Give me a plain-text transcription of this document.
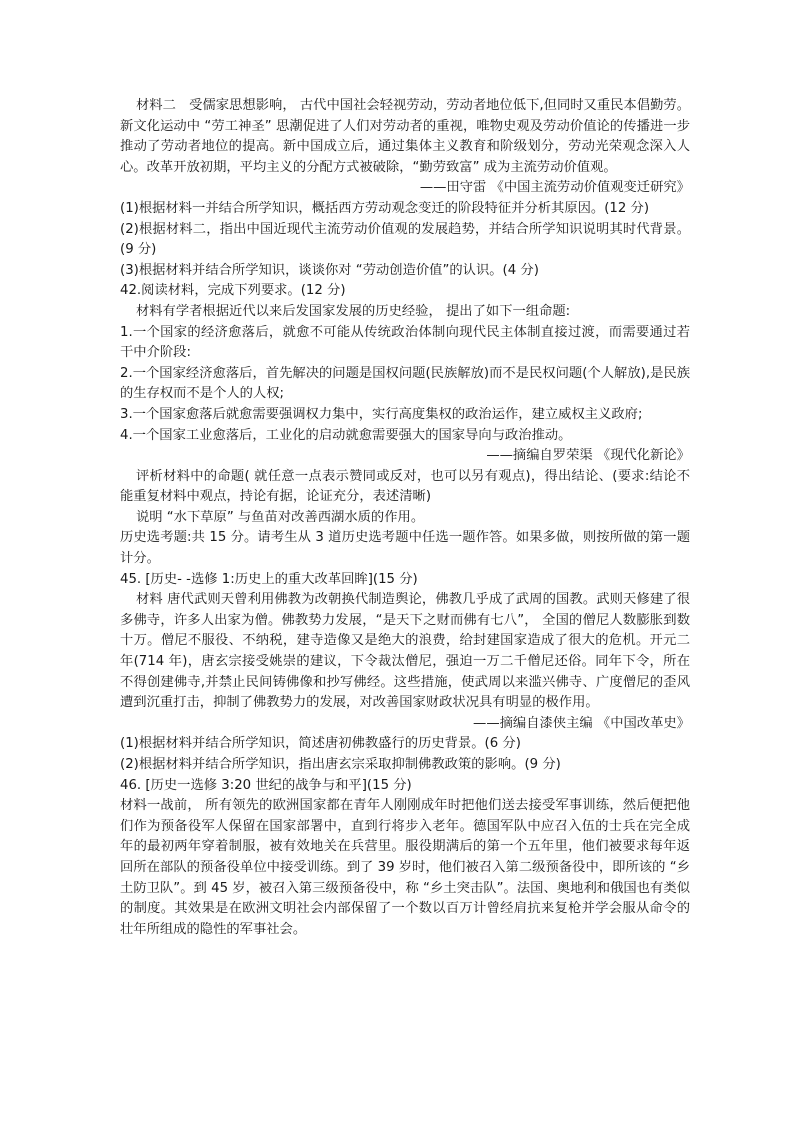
材料二　受儒家思想影响， 古代中国社会轻视劳动，劳动者地位低下,但同时又重民本倡勤劳。新文化运动中 “劳工神圣” 思潮促进了人们对劳动者的重视，唯物史观及劳动价值论的传播进一步推动了劳动者地位的提高。新中国成立后，通过集体主义教育和阶级划分，劳动光荣观念深入人心。改革开放初期，平均主义的分配方式被破除，“勤劳致富” 成为主流劳动价值观。

——田守雷 《中国主流劳动价值观变迁研究》

(1)根据材料一并结合所学知识，概括西方劳动观念变迁的阶段特征并分析其原因。(12 分)

(2)根据材料二，指出中国近现代主流劳动价值观的发展趋势，并结合所学知识说明其时代背景。(9 分)

(3)根据材料并结合所学知识，谈谈你对 “劳动创造价值”的认识。(4 分)

42.阅读材料，完成下列要求。(12 分)

材料有学者根据近代以来后发国家发展的历史经验， 提出了如下一组命题:

1.一个国家的经济愈落后，就愈不可能从传统政治体制向现代民主体制直接过渡，而需要通过若干中介阶段:

2.一个国家经济愈落后，首先解决的问题是国权问题(民族解放)而不是民权问题(个人解放),是民族的生存权而不是个人的人权;

3.一个国家愈落后就愈需要强调权力集中，实行高度集权的政治运作，建立威权主义政府;

4.一个国家工业愈落后，工业化的启动就愈需要强大的国家导向与政治推动。

——摘编自罗荣渠 《现代化新论》

评析材料中的命题( 就任意一点表示赞同或反对，也可以另有观点)，得出结论、(要求:结论不能重复材料中观点，持论有据，论证充分，表述清晰)

说明 “水下草原” 与鱼苗对改善西湖水质的作用。

历史选考题:共 15 分。请考生从 3 道历史选考题中任选一题作答。如果多做，则按所做的第一题计分。

45. [历史- -选修 1:历史上的重大改革回眸](15 分)

材料 唐代武则天曾利用佛教为改朝换代制造舆论，佛教几乎成了武周的国教。武则天修建了很多佛寺，许多人出家为僧。佛教势力发展，“是天下之财而佛有七八”， 全国的僧尼人数膨胀到数十万。僧尼不服役、不纳税，建寺造像又是绝大的浪费，给封建国家造成了很大的危机。开元二年(714 年)，唐玄宗接受姚崇的建议，下令裁汰僧尼，强迫一万二千僧尼还俗。同年下令，所在不得创建佛寺,并禁止民间铸佛像和抄写佛经。这些措施，使武周以来滥兴佛寺、广度僧尼的歪风遭到沉重打击，抑制了佛教势力的发展，对改善国家财政状况具有明显的极作用。

——摘编自漆侠主编 《中国改革史》

(1)根据材料并结合所学知识，简述唐初佛教盛行的历史背景。(6 分)

(2)根据材料并结合所学知识，指出唐玄宗采取抑制佛教政策的影响。(9 分)

46. [历史一选修 3:20 世纪的战争与和平](15 分)

材料一战前， 所有领先的欧洲国家都在青年人刚刚成年时把他们送去接受军事训练，然后便把他们作为预备役军人保留在国家部署中，直到行将步入老年。德国军队中应召入伍的士兵在完全成年的最初两年穿着制服，被有效地关在兵营里。服役期满后的第一个五年里，他们被要求每年返回所在部队的预备役单位中接受训练。到了 39 岁时，他们被召入第二级预备役中，即所该的 “乡土防卫队”。到 45 岁，被召入第三级预备役中，称 “乡土突击队”。法国、奥地利和俄国也有类似的制度。其效果是在欧洲文明社会内部保留了一个数以百万计曾经肩抗来复枪并学会服从命令的壮年所组成的隐性的军事社会。
